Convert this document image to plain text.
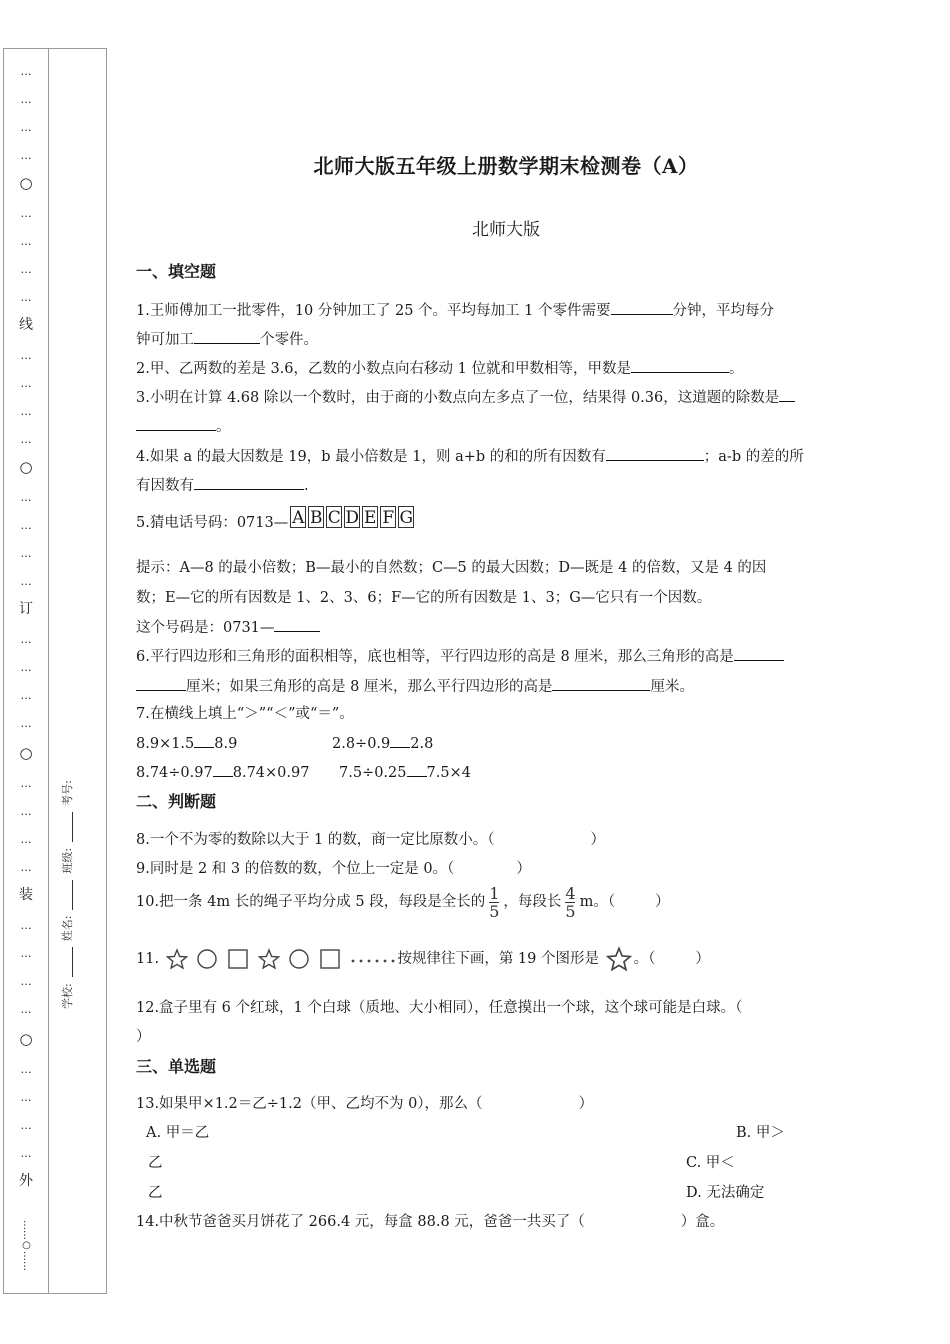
…
…
…
…
○
…
…
…
…
线
…
…
…
…
○
…
…
…
…
订
…
…
…
…
○
…
…
…
…
装
…
…
…
…
○
…
…
…
…
外
……○……
学校:
姓名:
班级:
考号:
北师大版五年级上册数学期末检测卷（A）
北师大版
一、填空题
1.王师傅加工一批零件，10 分钟加工了 25 个。平均每加工 1 个零件需要	分钟，平均每分
钟可加工	个零件。
2.甲、乙两数的差是 3.6，乙数的小数点向右移动 1 位就和甲数相等，甲数是	。
3.小明在计算 4.68 除以一个数时，由于商的小数点向左多点了一位，结果得 0.36，这道题的除数是
。
4.如果 a 的最大因数是 19，b 最小倍数是 1，则 a+b 的和的所有因数有	；a-b 的差的所
有因数有	.
5.猜电话号码：0713— A B C D E F G
提示：A—8 的最小倍数；B—最小的自然数；C—5 的最大因数；D—既是 4 的倍数，又是 4 的因
数；E—它的所有因数是 1、2、3、6；F—它的所有因数是 1、3；G—它只有一个因数。
这个号码是：0731—
6.平行四边形和三角形的面积相等，底也相等，平行四边形的高是 8 厘米，那么三角形的高是
厘米；如果三角形的高是 8 厘米，那么平行四边形的高是	厘米。
7.在横线上填上“＞”“＜”或“＝”。
8.9×1.5 8.9	2.8÷0.9 2.8
8.74÷0.97 8.74×0.97 7.5÷0.25 7.5×4
二、判断题
8.一个不为零的数除以大于 1 的数，商一定比原数小。（	）
9.同时是 2 和 3 的倍数的数，个位上一定是 0。（	）
10.把一条 4m 长的绳子平均分成 5 段，每段是全长的 $\frac{1}{5}$ ，每段长 $\frac{4}{5}$ m。（	）
11.	按规律往下画，第 19 个图形是 。（	）
12.盒子里有 6 个红球，1 个白球（质地、大小相同），任意摸出一个球，这个球可能是白球。（
）
三、单选题
13.如果甲×1.2＝乙÷1.2（甲、乙均不为 0），那么（	）
A. 甲＝乙	B. 甲＞
乙	C. 甲＜
乙	D. 无法确定
14.中秋节爸爸买月饼花了 266.4 元，每盒 88.8 元，爸爸一共买了（	）盒。
